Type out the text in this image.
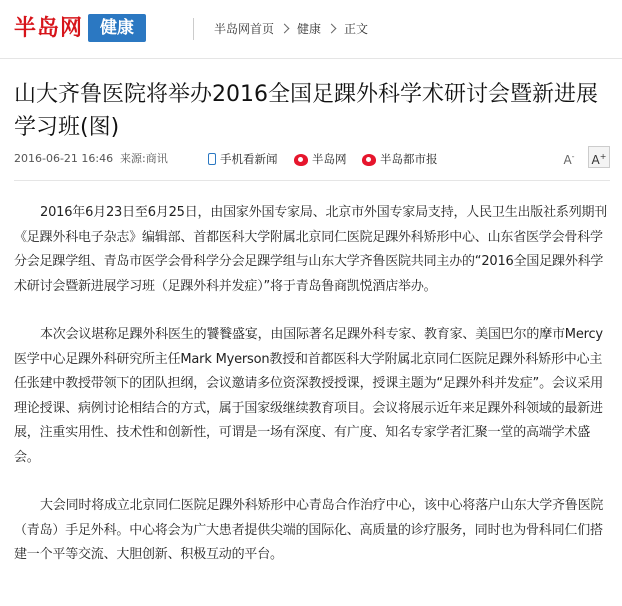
半岛网 健康	半岛网首页 健康 正文
山大齐鲁医院将举办2016全国足踝外科学术研讨会暨新进展学习班(图)
2016-06-21 16:46 来源:商讯	手机看新闻	半岛网	半岛都市报	A-	A+

2016年6月23日至6月25日，由国家外国专家局、北京市外国专家局支持，人民卫生出版社系列期刊《足踝外科电子杂志》编辑部、首都医科大学附属北京同仁医院足踝外科矫形中心、山东省医学会骨科学分会足踝学组、青岛市医学会骨科学分会足踝学组与山东大学齐鲁医院共同主办的“2016全国足踝外科学术研讨会暨新进展学习班（足踝外科并发症）”将于青岛鲁商凯悦酒店举办。

本次会议堪称足踝外科医生的饕餮盛宴，由国际著名足踝外科专家、教育家、美国巴尔的摩市Mercy医学中心足踝外科研究所主任Mark Myerson教授和首都医科大学附属北京同仁医院足踝外科矫形中心主任张建中教授带领下的团队担纲，会议邀请多位资深教授授课，授课主题为“足踝外科并发症”。会议采用理论授课、病例讨论相结合的方式，属于国家级继续教育项目。会议将展示近年来足踝外科领域的最新进展，注重实用性、技术性和创新性，可谓是一场有深度、有广度、知名专家学者汇聚一堂的高端学术盛会。

大会同时将成立北京同仁医院足踝外科矫形中心青岛合作治疗中心，该中心将落户山东大学齐鲁医院（青岛）手足外科。中心将会为广大患者提供尖端的国际化、高质量的诊疗服务，同时也为骨科同仁们搭建一个平等交流、大胆创新、积极互动的平台。
